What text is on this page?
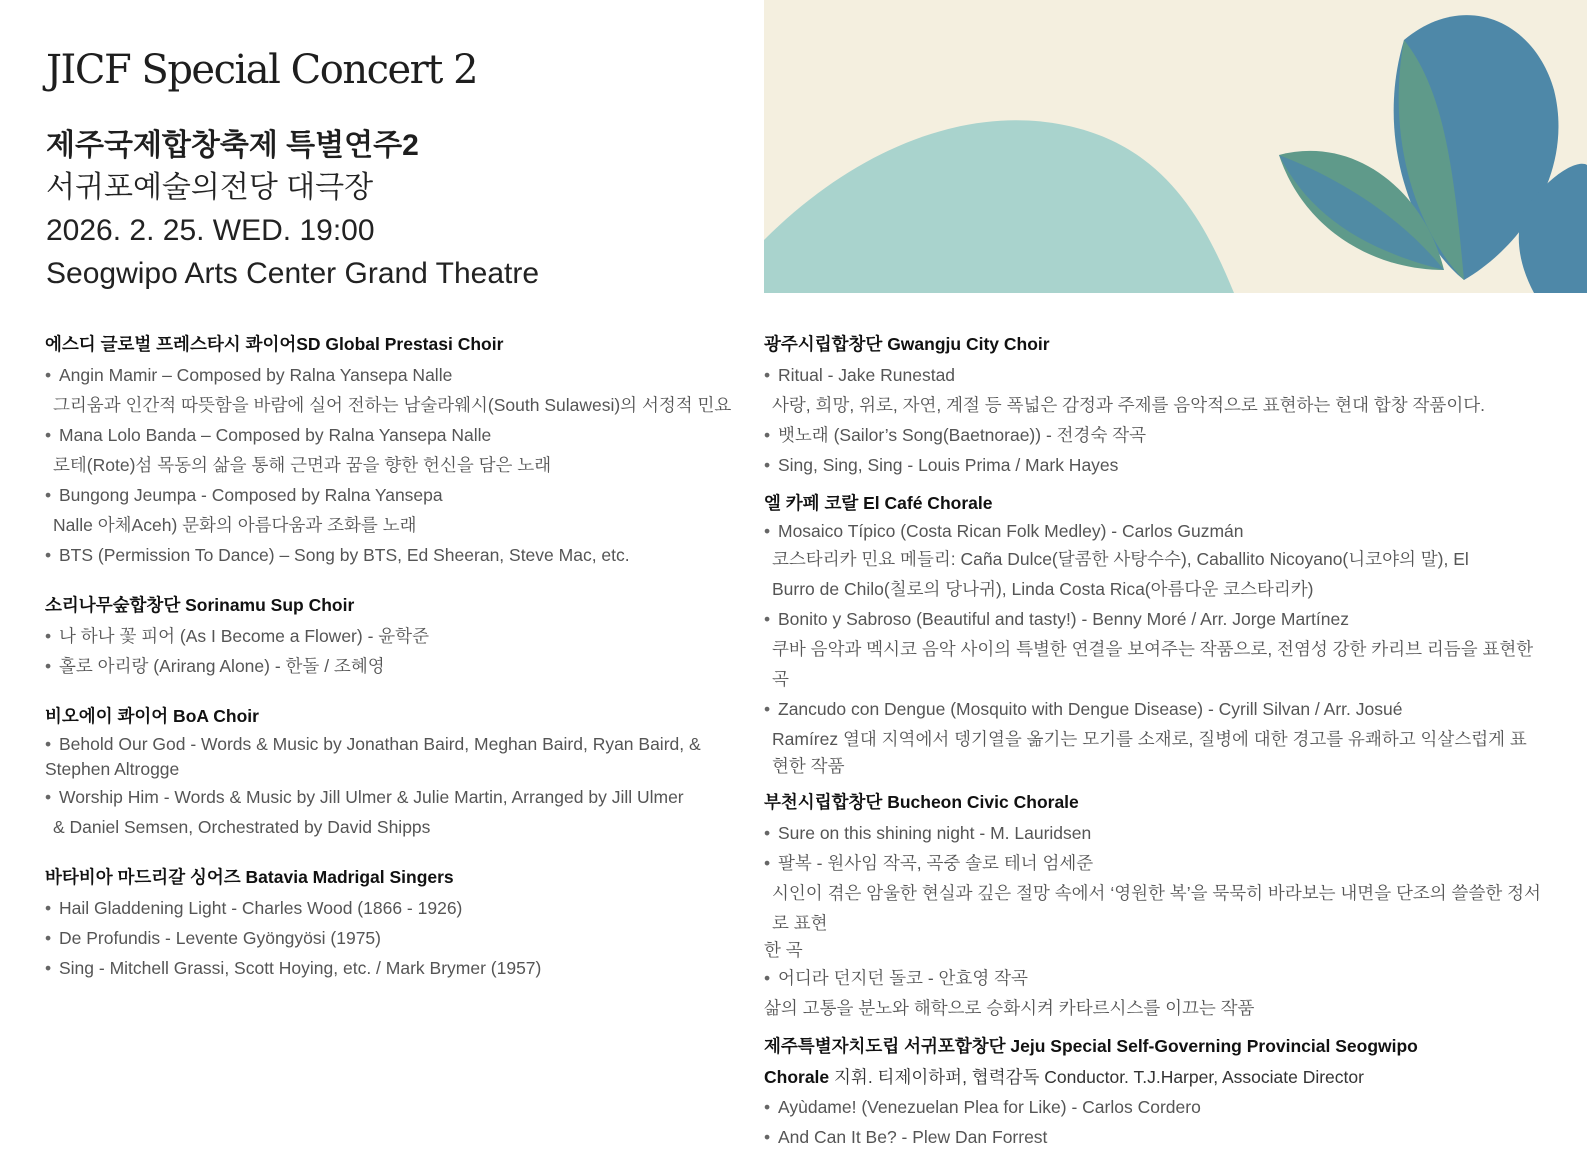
JICF Special Concert 2
제주국제합창축제 특별연주2
서귀포예술의전당 대극장
2026. 2. 25. WED. 19:00
Seogwipo Arts Center Grand Theatre
에스디 글로벌 프레스타시 콰이어SD Global Prestasi Choir
• Angin Mamir – Composed by Ralna Yansepa Nalle
그리움과 인간적 따뜻함을 바람에 실어 전하는 남술라웨시(South Sulawesi)의 서정적 민요
• Mana Lolo Banda – Composed by Ralna Yansepa Nalle
로테(Rote)섬 목동의 삶을 통해 근면과 꿈을 향한 헌신을 담은 노래
• Bungong Jeumpa - Composed by Ralna Yansepa
Nalle 아체Aceh) 문화의 아름다움과 조화를 노래
• BTS (Permission To Dance) – Song by BTS, Ed Sheeran, Steve Mac, etc.
소리나무숲합창단 Sorinamu Sup Choir
• 나 하나 꽃 피어 (As I Become a Flower) - 윤학준
• 홀로 아리랑 (Arirang Alone) - 한돌 / 조혜영
비오에이 콰이어 BoA Choir
• Behold Our God - Words & Music by Jonathan Baird, Meghan Baird, Ryan Baird, &
Stephen Altrogge
• Worship Him - Words & Music by Jill Ulmer & Julie Martin, Arranged by Jill Ulmer
& Daniel Semsen, Orchestrated by David Shipps
바타비아 마드리갈 싱어즈 Batavia Madrigal Singers
• Hail Gladdening Light - Charles Wood (1866 - 1926)
• De Profundis - Levente Gyöngyösi (1975)
• Sing - Mitchell Grassi, Scott Hoying, etc. / Mark Brymer (1957)
광주시립합창단 Gwangju City Choir
• Ritual - Jake Runestad
사랑, 희망, 위로, 자연, 계절 등 폭넓은 감정과 주제를 음악적으로 표현하는 현대 합창 작품이다.
• 뱃노래 (Sailor’s Song(Baetnorae)) - 전경숙 작곡
• Sing, Sing, Sing - Louis Prima / Mark Hayes
엘 카페 코랄 El Café Chorale
• Mosaico Típico (Costa Rican Folk Medley) - Carlos Guzmán
코스타리카 민요 메들리: Caña Dulce(달콤한 사탕수수), Caballito Nicoyano(니코야의 말), El
Burro de Chilo(칠로의 당나귀), Linda Costa Rica(아름다운 코스타리카)
• Bonito y Sabroso (Beautiful and tasty!) - Benny Moré / Arr. Jorge Martínez
쿠바 음악과 멕시코 음악 사이의 특별한 연결을 보여주는 작품으로, 전염성 강한 카리브 리듬을 표현한 곡
• Zancudo con Dengue (Mosquito with Dengue Disease) - Cyrill Silvan / Arr. Josué
Ramírez 열대 지역에서 뎅기열을 옮기는 모기를 소재로, 질병에 대한 경고를 유쾌하고 익살스럽게 표
현한 작품
부천시립합창단 Bucheon Civic Chorale
• Sure on this shining night - M. Lauridsen
• 팔복 - 원사임 작곡, 곡중 솔로 테너 엄세준
시인이 겪은 암울한 현실과 깊은 절망 속에서 ‘영원한 복’을 묵묵히 바라보는 내면을 단조의 쓸쓸한 정서로 표현
한 곡
• 어디라 던지던 돌코 - 안효영 작곡
삶의 고통을 분노와 해학으로 승화시켜 카타르시스를 이끄는 작품
제주특별자치도립 서귀포합창단 Jeju Special Self-Governing Provincial Seogwipo
Chorale 지휘. 티제이하퍼, 협력감독 Conductor. T.J.Harper, Associate Director
• Ayùdame! (Venezuelan Plea for Like) - Carlos Cordero
• And Can It Be? - Plew Dan Forrest
